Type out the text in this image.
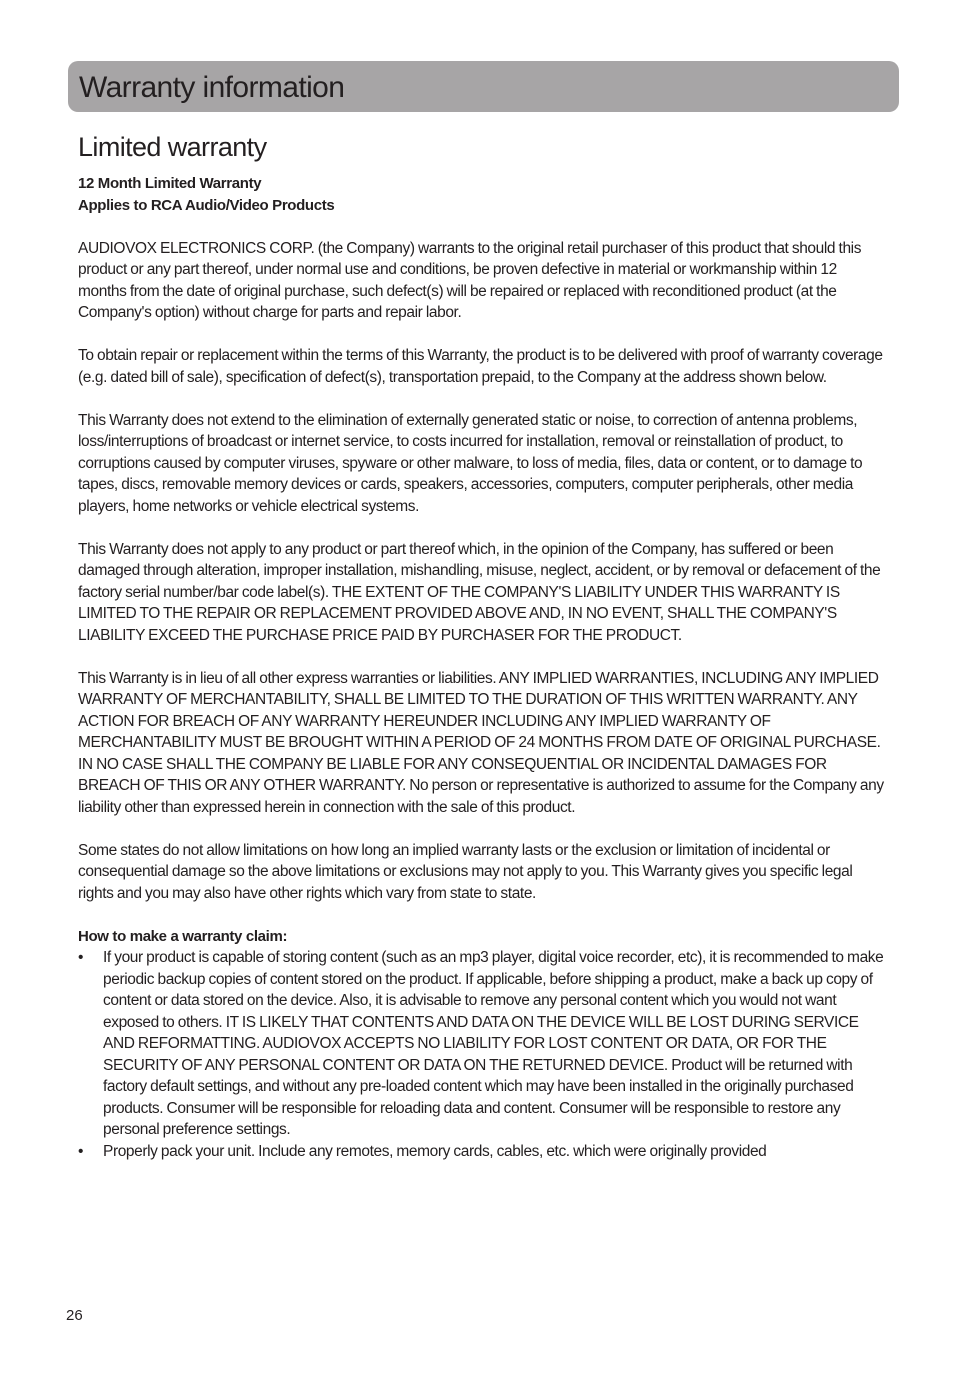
Warranty information
Limited warranty
12 Month Limited Warranty
Applies to RCA Audio/Video Products

AUDIOVOX ELECTRONICS CORP. (the Company) warrants to the original retail purchaser of this product that should this product or any part thereof, under normal use and conditions, be proven defective in material or workmanship within 12 months from the date of original purchase, such defect(s) will be repaired or replaced with reconditioned product (at the Company's option) without charge for parts and repair labor.

To obtain repair or replacement within the terms of this Warranty, the product is to be delivered with proof of warranty coverage (e.g. dated bill of sale), specification of defect(s), transportation prepaid, to the Company at the address shown below.

This Warranty does not extend to the elimination of externally generated static or noise, to correction of antenna problems, loss/interruptions of broadcast or internet service, to costs incurred for installation, removal or reinstallation of product, to corruptions caused by computer viruses, spyware or other malware, to loss of media, files, data or content, or to damage to tapes, discs, removable memory devices or cards, speakers, accessories, computers, computer peripherals, other media players, home networks or vehicle electrical systems.

This Warranty does not apply to any product or part thereof which, in the opinion of the Company, has suffered or been damaged through alteration, improper installation, mishandling, misuse, neglect, accident, or by removal or defacement of the factory serial number/bar code label(s). THE EXTENT OF THE COMPANY'S LIABILITY UNDER THIS WARRANTY IS LIMITED TO THE REPAIR OR REPLACEMENT PROVIDED ABOVE AND, IN NO EVENT, SHALL THE COMPANY'S LIABILITY EXCEED THE PURCHASE PRICE PAID BY PURCHASER FOR THE PRODUCT.

This Warranty is in lieu of all other express warranties or liabilities. ANY IMPLIED WARRANTIES, INCLUDING ANY IMPLIED WARRANTY OF MERCHANTABILITY, SHALL BE LIMITED TO THE DURATION OF THIS WRITTEN WARRANTY. ANY ACTION FOR BREACH OF ANY WARRANTY HEREUNDER INCLUDING ANY IMPLIED WARRANTY OF MERCHANTABILITY MUST BE BROUGHT WITHIN A PERIOD OF 24 MONTHS FROM DATE OF ORIGINAL PURCHASE. IN NO CASE SHALL THE COMPANY BE LIABLE FOR ANY CONSEQUENTIAL OR INCIDENTAL DAMAGES FOR BREACH OF THIS OR ANY OTHER WARRANTY. No person or representative is authorized to assume for the Company any liability other than expressed herein in connection with the sale of this product.

Some states do not allow limitations on how long an implied warranty lasts or the exclusion or limitation of incidental or consequential damage so the above limitations or exclusions may not apply to you. This Warranty gives you specific legal rights and you may also have other rights which vary from state to state.

How to make a warranty claim:
•	If your product is capable of storing content (such as an mp3 player, digital voice recorder, etc), it is recommended to make periodic backup copies of content stored on the product. If applicable, before shipping a product, make a back up copy of content or data stored on the device. Also, it is advisable to remove any personal content which you would not want exposed to others. IT IS LIKELY THAT CONTENTS AND DATA ON THE DEVICE WILL BE LOST DURING SERVICE AND REFORMATTING. AUDIOVOX ACCEPTS NO LIABILITY FOR LOST CONTENT OR DATA, OR FOR THE SECURITY OF ANY PERSONAL CONTENT OR DATA ON THE RETURNED DEVICE. Product will be returned with factory default settings, and without any pre-loaded content which may have been installed in the originally purchased products. Consumer will be responsible for reloading data and content. Consumer will be responsible to restore any personal preference settings.
•	Properly pack your unit. Include any remotes, memory cards, cables, etc. which were originally provided
26
